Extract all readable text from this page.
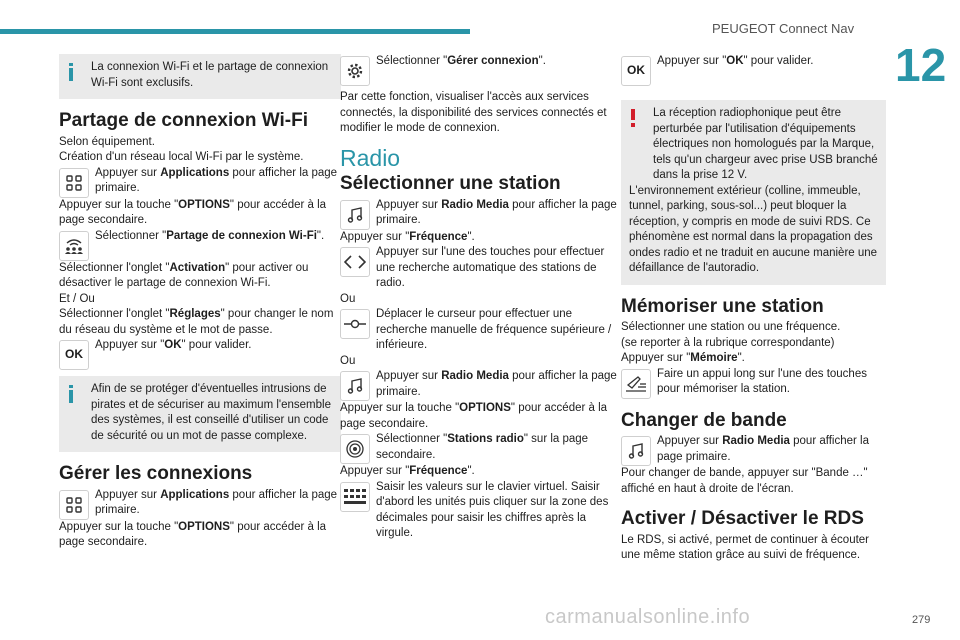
PEUGEOT Connect Nav
12

La connexion Wi-Fi et le partage de connexion Wi-Fi sont exclusifs.

Partage de connexion Wi-Fi

Selon équipement.

Création d'un réseau local Wi-Fi par le système.

Appuyer sur Applications pour afficher la page primaire.

Appuyer sur la touche "OPTIONS" pour accéder à la page secondaire.

Sélectionner "Partage de connexion Wi-Fi".

Sélectionner l'onglet "Activation" pour activer ou désactiver le partage de connexion Wi-Fi.

Et / Ou

Sélectionner l'onglet "Réglages" pour changer le nom du réseau du système et le mot de passe.

OK
Appuyer sur "OK" pour valider.

Afin de se protéger d'éventuelles intrusions de pirates et de sécuriser au maximum l'ensemble des systèmes, il est conseillé d'utiliser un code de sécurité ou un mot de passe complexe.

Gérer les connexions
Appuyer sur Applications pour afficher la page primaire.

Appuyer sur la touche "OPTIONS" pour accéder à la page secondaire.

Sélectionner "Gérer connexion".

Par cette fonction, visualiser l'accès aux services connectés, la disponibilité des services connectés et modifier le mode de connexion.

Radio
Sélectionner une station
Appuyer sur Radio Media pour afficher la page primaire.

Appuyer sur "Fréquence".

Appuyer sur l'une des touches pour effectuer une recherche automatique des stations de radio.

Ou

Déplacer le curseur pour effectuer une recherche manuelle de fréquence supérieure / inférieure.

Ou

Appuyer sur Radio Media pour afficher la page primaire.

Appuyer sur la touche "OPTIONS" pour accéder à la page secondaire.

Sélectionner "Stations radio" sur la page secondaire.

Appuyer sur "Fréquence".

Saisir les valeurs sur le clavier virtuel. Saisir d'abord les unités puis cliquer sur la zone des décimales pour saisir les chiffres après la virgule.
OK
Appuyer sur "OK" pour valider.

La réception radiophonique peut être perturbée par l'utilisation d'équipements électriques non homologués par la Marque, tels qu'un chargeur avec prise USB branché dans la prise 12 V.

L'environnement extérieur (colline, immeuble, tunnel, parking, sous-sol...) peut bloquer la réception, y compris en mode de suivi RDS. Ce phénomène est normal dans la propagation des ondes radio et ne traduit en aucune manière une défaillance de l'autoradio.

Mémoriser une station

Sélectionner une station ou une fréquence.

(se reporter à la rubrique correspondante)

Appuyer sur "Mémoire".

Faire un appui long sur l'une des touches pour mémoriser la station.
Changer de bande
Appuyer sur Radio Media pour afficher la page primaire.

Pour changer de bande, appuyer sur "Bande …" affiché en haut à droite de l'écran.

Activer / Désactiver le RDS

Le RDS, si activé, permet de continuer à écouter une même station grâce au suivi de fréquence.

carmanualsonline.info	279
